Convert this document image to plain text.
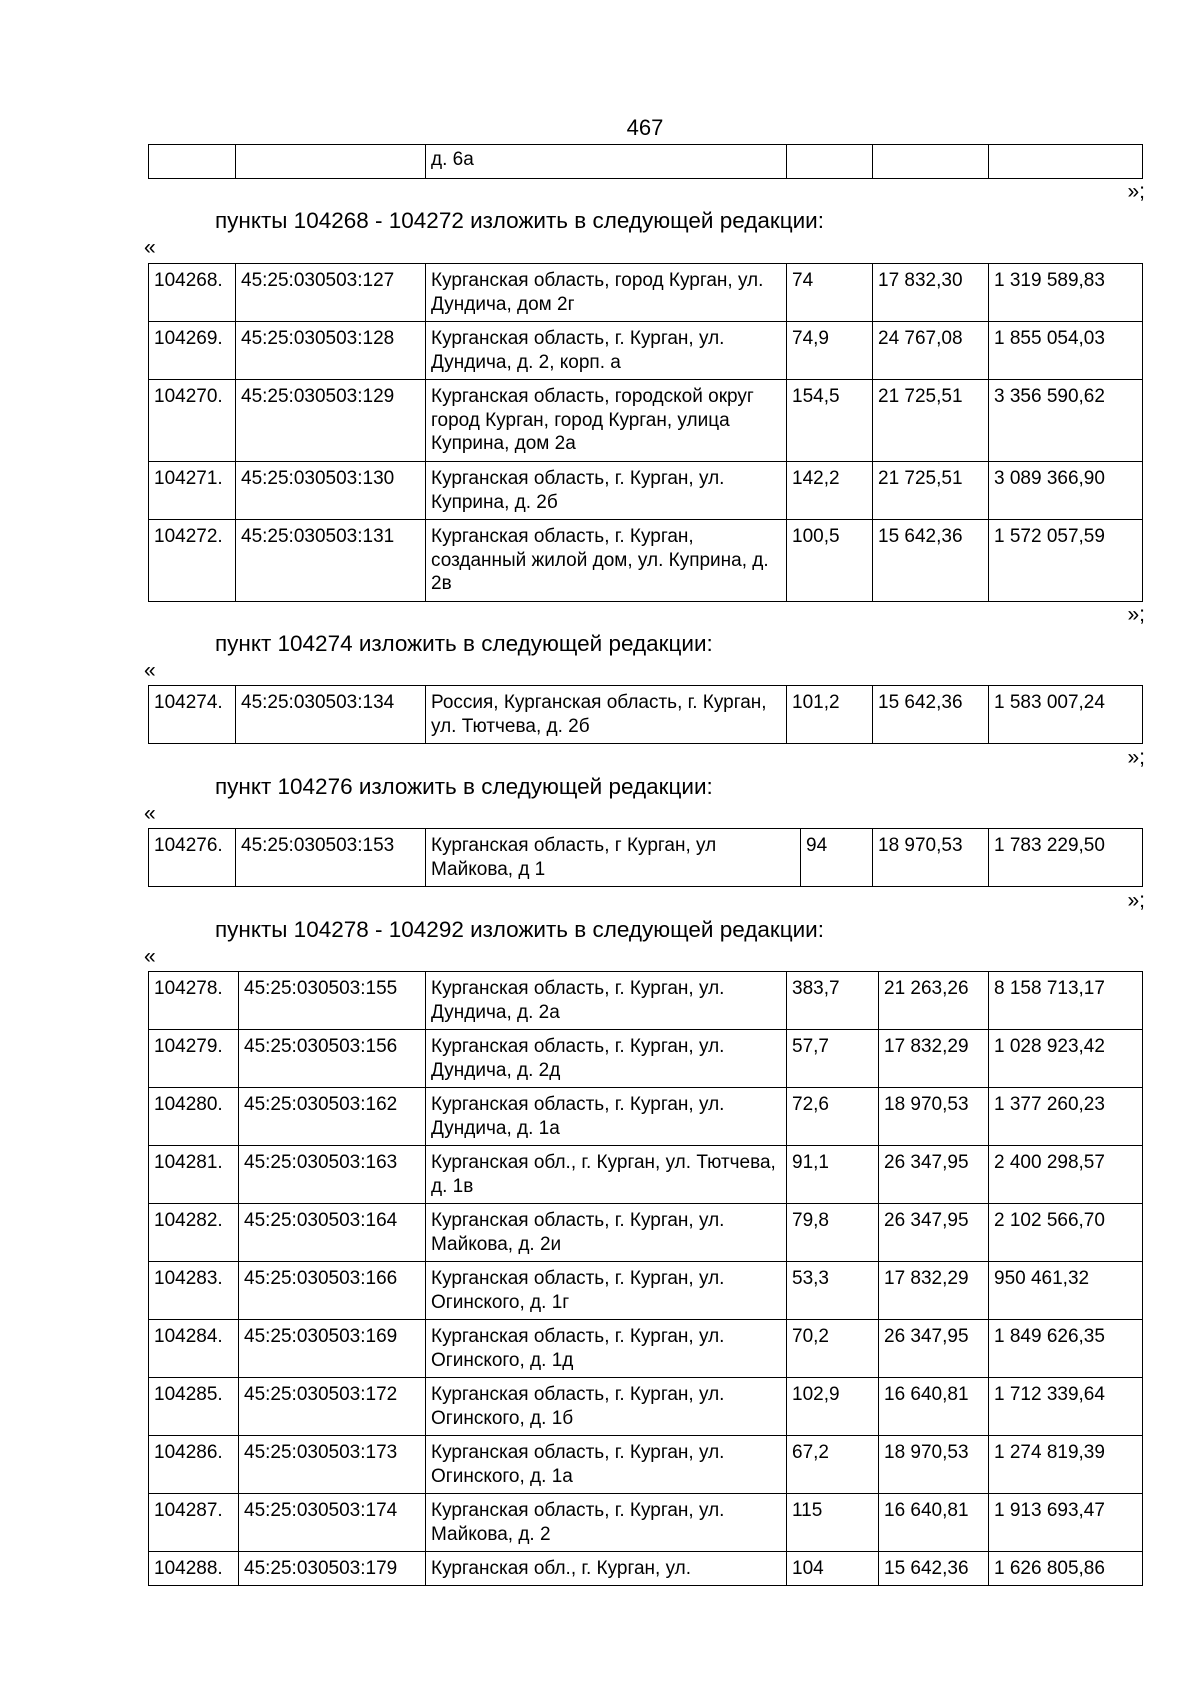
467
		д. 6а			
»;
пункты 104268 - 104272 изложить в следующей редакции:
«
104268.	45:25:030503:127	Курганская область, город Курган, ул. Дундича, дом 2г	74	17 832,30	1 319 589,83
104269.	45:25:030503:128	Курганская область, г. Курган, ул. Дундича, д. 2, корп. а	74,9	24 767,08	1 855 054,03
104270.	45:25:030503:129	Курганская область, городской округ город Курган, город Курган, улица Куприна, дом 2а	154,5	21 725,51	3 356 590,62
104271.	45:25:030503:130	Курганская область, г. Курган, ул. Куприна, д. 2б	142,2	21 725,51	3 089 366,90
104272.	45:25:030503:131	Курганская область, г. Курган, созданный жилой дом, ул. Куприна, д. 2в	100,5	15 642,36	1 572 057,59
»;
пункт 104274 изложить в следующей редакции:
«
104274.	45:25:030503:134	Россия, Курганская область, г. Курган, ул. Тютчева, д. 2б	101,2	15 642,36	1 583 007,24
»;
пункт 104276 изложить в следующей редакции:
«
104276.	45:25:030503:153	Курганская область, г Курган, ул Майкова, д 1	94	18 970,53	1 783 229,50
»;
пункты 104278 - 104292 изложить в следующей редакции:
«
104278.	45:25:030503:155	Курганская область, г. Курган, ул. Дундича, д. 2а	383,7	21 263,26	8 158 713,17
104279.	45:25:030503:156	Курганская область, г. Курган, ул. Дундича, д. 2д	57,7	17 832,29	1 028 923,42
104280.	45:25:030503:162	Курганская область, г. Курган, ул. Дундича, д. 1а	72,6	18 970,53	1 377 260,23
104281.	45:25:030503:163	Курганская обл., г. Курган, ул. Тютчева, д. 1в	91,1	26 347,95	2 400 298,57
104282.	45:25:030503:164	Курганская область, г. Курган, ул. Майкова, д. 2и	79,8	26 347,95	2 102 566,70
104283.	45:25:030503:166	Курганская область, г. Курган, ул. Огинского, д. 1г	53,3	17 832,29	950 461,32
104284.	45:25:030503:169	Курганская область, г. Курган, ул. Огинского, д. 1д	70,2	26 347,95	1 849 626,35
104285.	45:25:030503:172	Курганская область, г. Курган, ул. Огинского, д. 1б	102,9	16 640,81	1 712 339,64
104286.	45:25:030503:173	Курганская область, г. Курган, ул. Огинского, д. 1а	67,2	18 970,53	1 274 819,39
104287.	45:25:030503:174	Курганская область, г. Курган, ул. Майкова, д. 2	115	16 640,81	1 913 693,47
104288.	45:25:030503:179	Курганская обл., г. Курган, ул.	104	15 642,36	1 626 805,86
